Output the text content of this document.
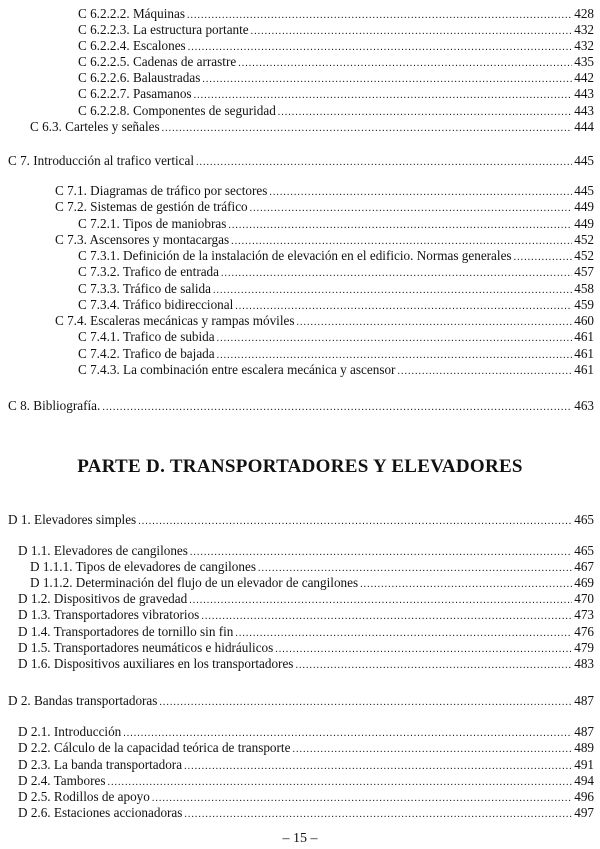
C 6.2.2.2. Máquinas .....	428
C 6.2.2.3. La estructura portante .....	432
C 6.2.2.4. Escalones .....	432
C 6.2.2.5. Cadenas de arrastre .....	435
C 6.2.2.6. Balaustradas .....	442
C 6.2.2.7. Pasamanos .....	443
C 6.2.2.8. Componentes de seguridad .....	443
C 6.3. Carteles y señales .....	444
C 7. Introducción al trafico vertical .....	445
C 7.1. Diagramas de tráfico por sectores .....	445
C 7.2. Sistemas de gestión de tráfico .....	449
C 7.2.1. Tipos de maniobras .....	449
C 7.3. Ascensores y montacargas .....	452
C 7.3.1. Definición de la instalación de elevación en el edificio. Normas generales .....	452
C 7.3.2. Trafico de entrada .....	457
C 7.3.3. Tráfico de salida .....	458
C 7.3.4. Tráfico bidireccional .....	459
C 7.4. Escaleras mecánicas y rampas móviles .....	460
C 7.4.1. Trafico de subida .....	461
C 7.4.2. Trafico de bajada .....	461
C 7.4.3. La combinación entre escalera mecánica y ascensor .....	461
C 8. Bibliografía. .....	463
PARTE D. TRANSPORTADORES Y ELEVADORES
D 1. Elevadores simples .....	465
D 1.1. Elevadores de cangilones .....	465
D 1.1.1. Tipos de elevadores de cangilones .....	467
D 1.1.2. Determinación del flujo de un elevador de cangilones .....	469
D 1.2. Dispositivos de gravedad .....	470
D 1.3. Transportadores vibratorios .....	473
D 1.4. Transportadores de tornillo sin fin .....	476
D 1.5. Transportadores neumáticos e hidráulicos .....	479
D 1.6. Dispositivos auxiliares en los transportadores .....	483
D 2. Bandas transportadoras .....	487
D 2.1. Introducción .....	487
D 2.2. Cálculo de la capacidad teórica de transporte .....	489
D 2.3. La banda transportadora .....	491
D 2.4. Tambores .....	494
D 2.5. Rodillos de apoyo .....	496
D 2.6. Estaciones accionadoras .....	497
– 15 –
